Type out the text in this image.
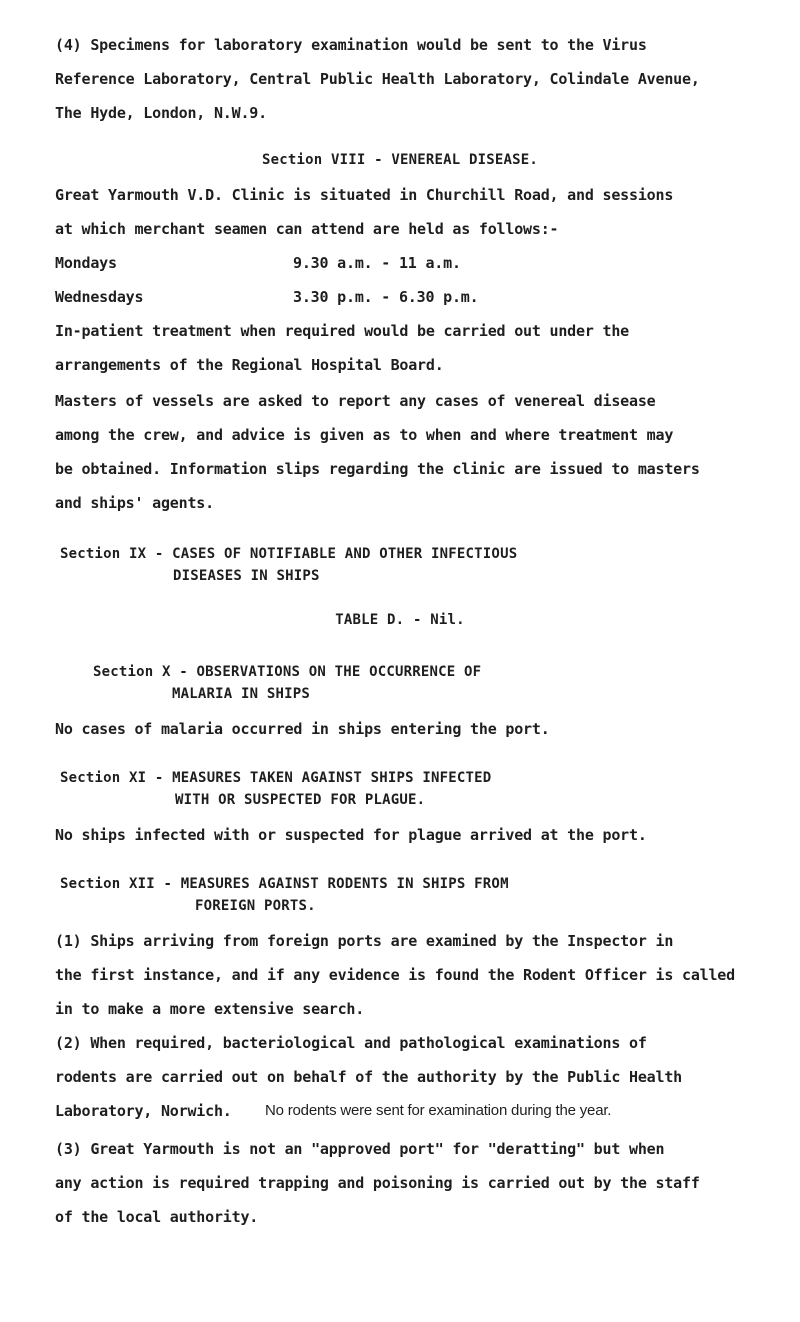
(4) Specimens for laboratory examination would be sent to the Virus
Reference Laboratory, Central Public Health Laboratory, Colindale Avenue,
The Hyde, London, N.W.9.
Section VIII - VENEREAL DISEASE.
Great Yarmouth V.D. Clinic is situated in Churchill Road, and sessions
at which merchant seamen can attend are held as follows:-
Mondays	9.30 a.m. - 11 a.m.
Wednesdays	3.30 p.m. - 6.30 p.m.
In-patient treatment when required would be carried out under the
arrangements of the Regional Hospital Board.
Masters of vessels are asked to report any cases of venereal disease
among the crew, and advice is given as to when and where treatment may
be obtained. Information slips regarding the clinic are issued to masters
and ships' agents.
Section IX - CASES OF NOTIFIABLE AND OTHER INFECTIOUS
DISEASES IN SHIPS
TABLE D. - Nil.
Section X - OBSERVATIONS ON THE OCCURRENCE OF
MALARIA IN SHIPS
No cases of malaria occurred in ships entering the port.
Section XI - MEASURES TAKEN AGAINST SHIPS INFECTED
WITH OR SUSPECTED FOR PLAGUE.
No ships infected with or suspected for plague arrived at the port.
Section XII - MEASURES AGAINST RODENTS IN SHIPS FROM
FOREIGN PORTS.
(1) Ships arriving from foreign ports are examined by the Inspector in
the first instance, and if any evidence is found the Rodent Officer is called
in to make a more extensive search.
(2) When required, bacteriological and pathological examinations of
rodents are carried out on behalf of the authority by the Public Health
Laboratory, Norwich. No rodents were sent for examination during the year.
(3) Great Yarmouth is not an "approved port" for "deratting" but when
any action is required trapping and poisoning is carried out by the staff
of the local authority.
